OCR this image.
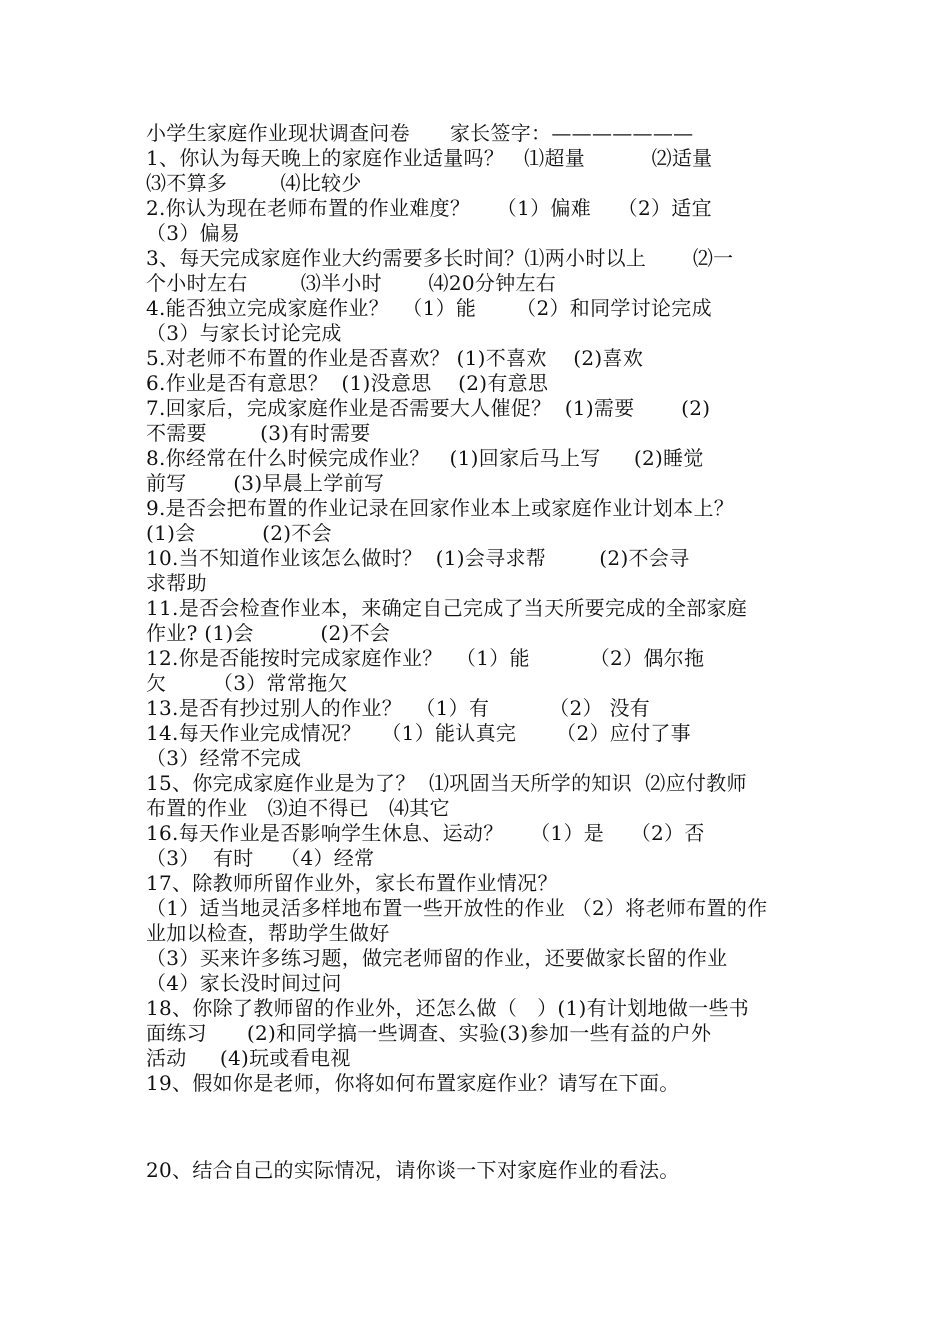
小学生家庭作业现状调查问卷      家长签字：———————
1、你认为每天晚上的家庭作业适量吗？   ⑴超量          ⑵适量
⑶不算多        ⑷比较少
2.你认为现在老师布置的作业难度？    （1）偏难    （2）适宜
（3）偏易
3、每天完成家庭作业大约需要多长时间？⑴两小时以上       ⑵一
个小时左右        ⑶半小时       ⑷20分钟左右
4.能否独立完成家庭作业？  （1）能      （2）和同学讨论完成
（3）与家长讨论完成
5.对老师不布置的作业是否喜欢？ (1)不喜欢    (2)喜欢
6.作业是否有意思？  (1)没意思    (2)有意思
7.回家后，完成家庭作业是否需要大人催促？  (1)需要       (2)
不需要        (3)有时需要
8.你经常在什么时候完成作业？   (1)回家后马上写     (2)睡觉
前写       (3)早晨上学前写
9.是否会把布置的作业记录在回家作业本上或家庭作业计划本上？
(1)会          (2)不会
10.当不知道作业该怎么做时？  (1)会寻求帮        (2)不会寻
求帮助
11.是否会检查作业本，来确定自己完成了当天所要完成的全部家庭
作业? (1)会          (2)不会
12.你是否能按时完成家庭作业？  （1）能         （2）偶尔拖
欠       （3）常常拖欠
13.是否有抄过别人的作业？  （1）有         （2） 没有
14.每天作业完成情况？   （1）能认真完      （2）应付了事
（3）经常不完成
15、你完成家庭作业是为了？  ⑴巩固当天所学的知识  ⑵应付教师
布置的作业   ⑶迫不得已   ⑷其它
16.每天作业是否影响学生休息、运动？    （1）是    （2）否
（3）  有时    （4）经常
17、除教师所留作业外，家长布置作业情况？
（1）适当地灵活多样地布置一些开放性的作业 （2）将老师布置的作
业加以检查，帮助学生做好
（3）买来许多练习题，做完老师留的作业，还要做家长留的作业
（4）家长没时间过问
18、你除了教师留的作业外，还怎么做（   ）(1)有计划地做一些书
面练习      (2)和同学搞一些调查、实验(3)参加一些有益的户外
活动     (4)玩或看电视
19、假如你是老师，你将如何布置家庭作业？请写在下面。
20、结合自己的实际情况，请你谈一下对家庭作业的看法。
